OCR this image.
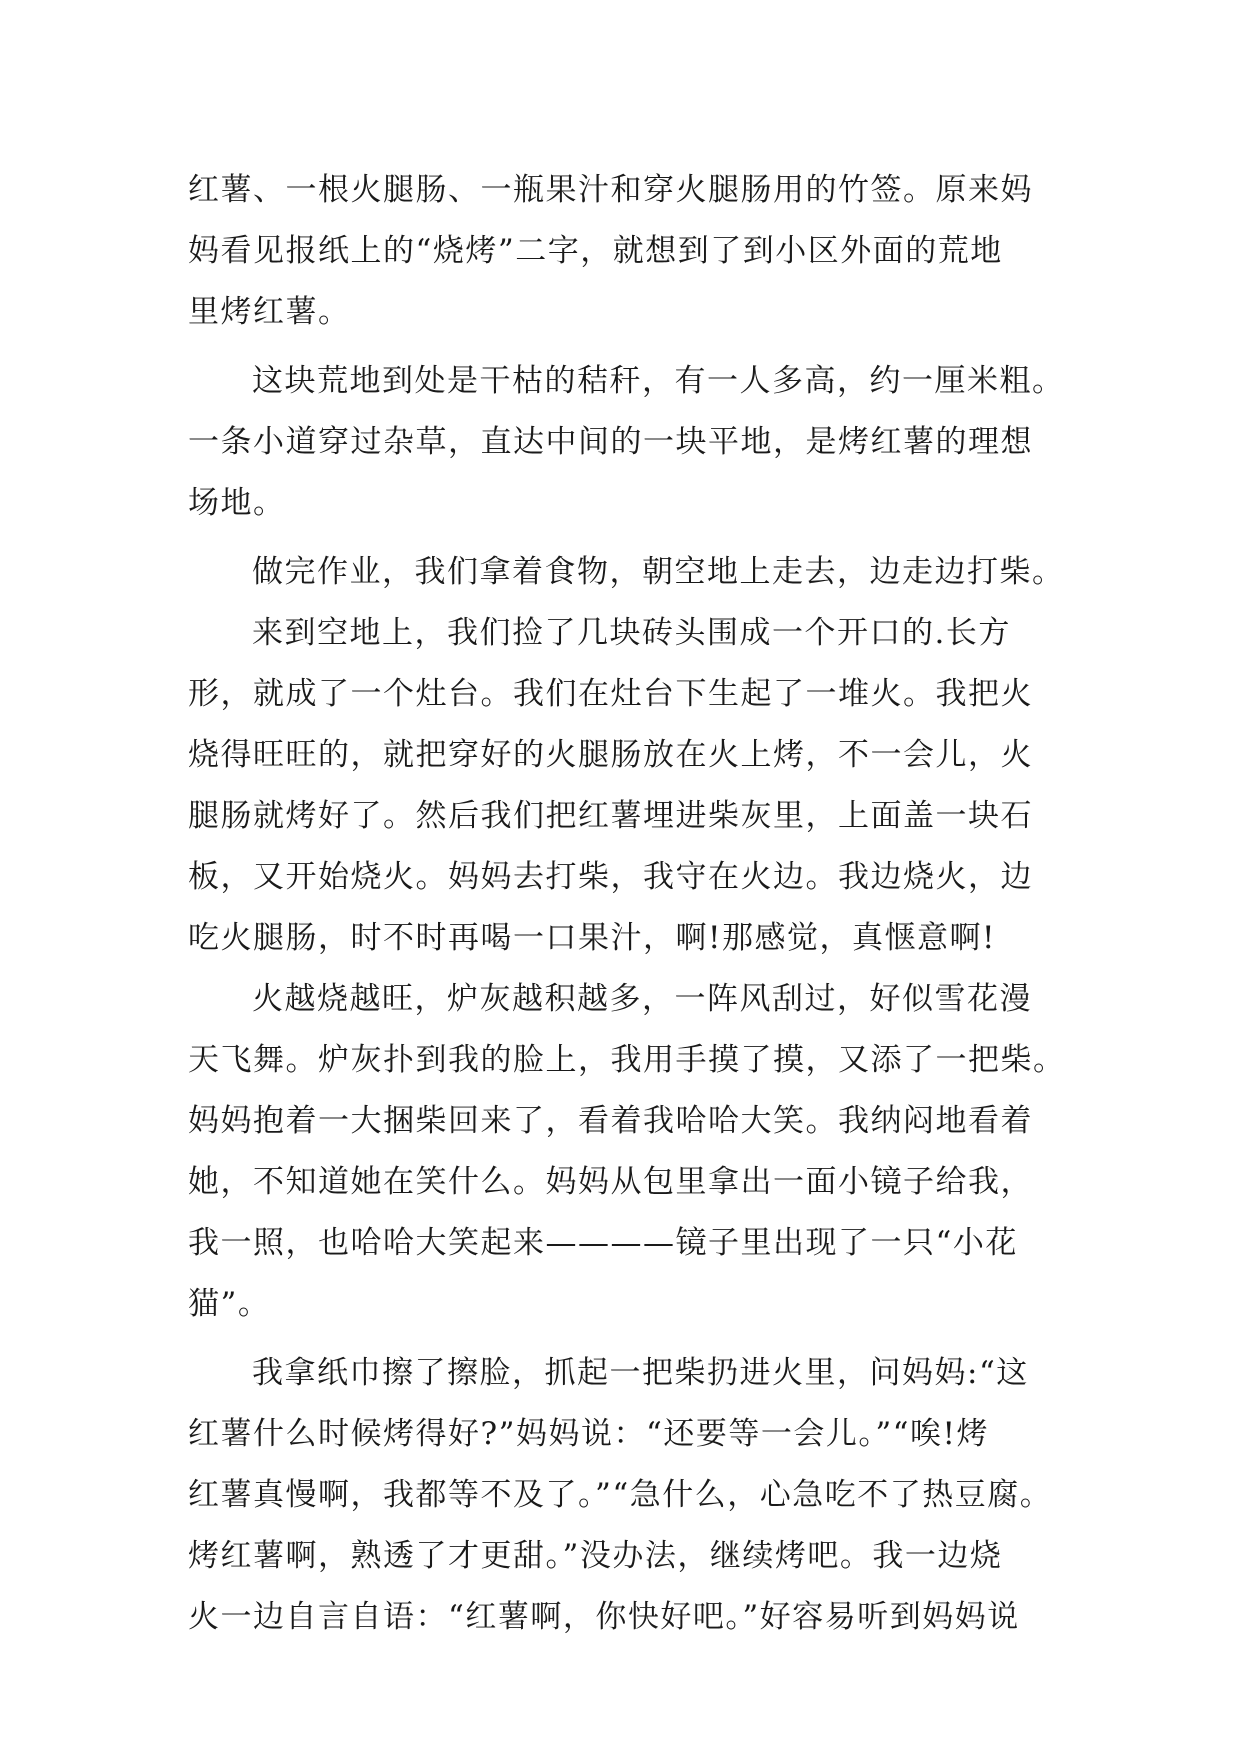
红薯、一根火腿肠、一瓶果汁和穿火腿肠用的竹签。原来妈
妈看见报纸上的“烧烤”二字，就想到了到小区外面的荒地
里烤红薯。
这块荒地到处是干枯的秸秆，有一人多高，约一厘米粗。
一条小道穿过杂草，直达中间的一块平地，是烤红薯的理想
场地。
做完作业，我们拿着食物，朝空地上走去，边走边打柴。
来到空地上，我们捡了几块砖头围成一个开口的.长方
形，就成了一个灶台。我们在灶台下生起了一堆火。我把火
烧得旺旺的，就把穿好的火腿肠放在火上烤，不一会儿，火
腿肠就烤好了。然后我们把红薯埋进柴灰里，上面盖一块石
板，又开始烧火。妈妈去打柴，我守在火边。我边烧火，边
吃火腿肠，时不时再喝一口果汁，啊!那感觉，真惬意啊!
火越烧越旺，炉灰越积越多，一阵风刮过，好似雪花漫
天飞舞。炉灰扑到我的脸上，我用手摸了摸，又添了一把柴。
妈妈抱着一大捆柴回来了，看着我哈哈大笑。我纳闷地看着
她，不知道她在笑什么。妈妈从包里拿出一面小镜子给我，
我一照，也哈哈大笑起来————镜子里出现了一只“小花
猫”。
我拿纸巾擦了擦脸，抓起一把柴扔进火里，问妈妈:“这
红薯什么时候烤得好?”妈妈说：“还要等一会儿。”“唉!烤
红薯真慢啊，我都等不及了。”“急什么，心急吃不了热豆腐。
烤红薯啊，熟透了才更甜。”没办法，继续烤吧。我一边烧
火一边自言自语：“红薯啊，你快好吧。”好容易听到妈妈说
